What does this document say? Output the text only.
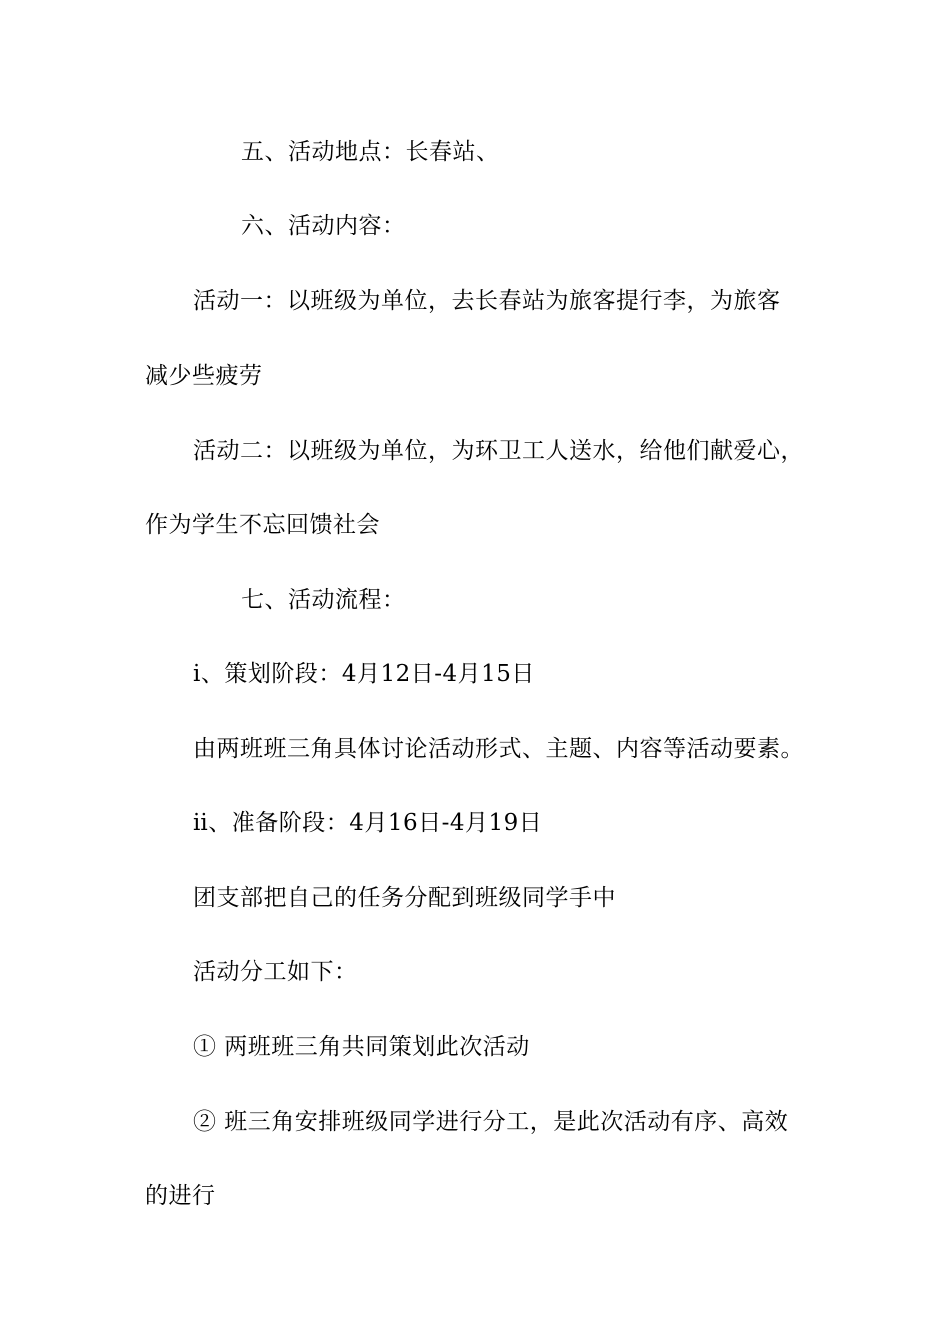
五、活动地点：长春站、
六、活动内容：
活动一：以班级为单位，去长春站为旅客提行李，为旅客
减少些疲劳
活动二：以班级为单位，为环卫工人送水，给他们献爱心，
作为学生不忘回馈社会
七、活动流程：
ⅰ、策划阶段：4月12日-4月15日
由两班班三角具体讨论活动形式、主题、内容等活动要素。
ⅱ、准备阶段：4月16日-4月19日
团支部把自己的任务分配到班级同学手中
活动分工如下：
① 两班班三角共同策划此次活动
② 班三角安排班级同学进行分工，是此次活动有序、高效
的进行
